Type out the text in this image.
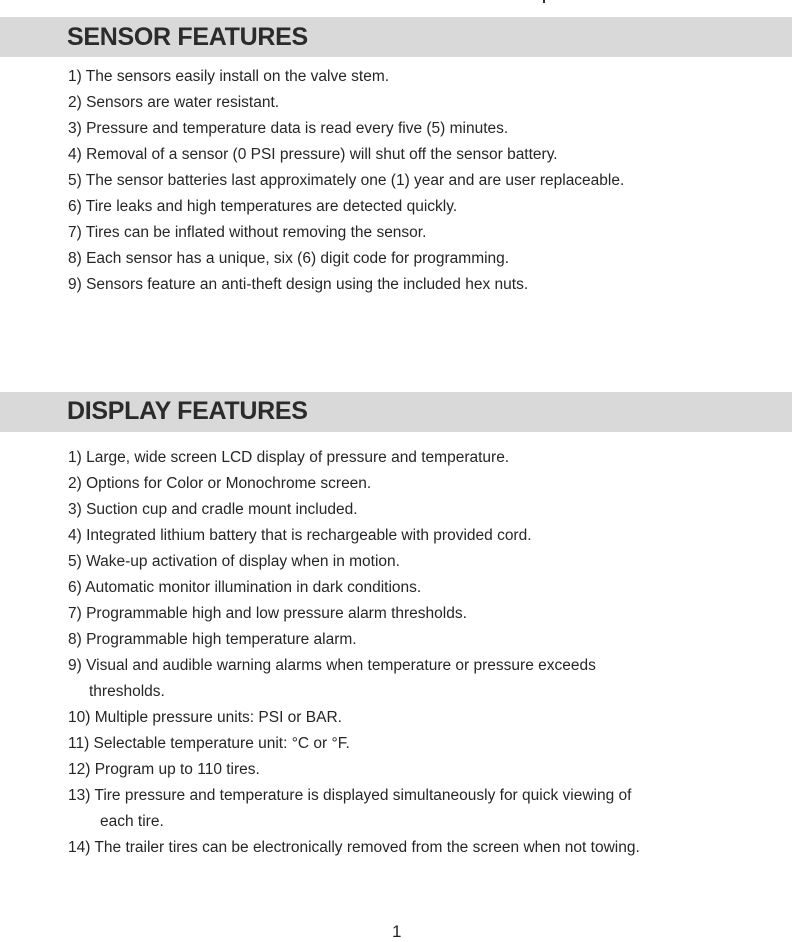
SENSOR FEATURES
1) The sensors easily install on the valve stem.
2) Sensors are water resistant.
3) Pressure and temperature data is read every five (5) minutes.
4) Removal of a sensor (0 PSI pressure) will shut off the sensor battery.
5) The sensor batteries last approximately one (1) year and are user replaceable.
6) Tire leaks and high temperatures are detected quickly.
7) Tires can be inflated without removing the sensor.
8) Each sensor has a unique, six (6) digit code for programming.
9) Sensors feature an anti-theft design using the included hex nuts.
DISPLAY FEATURES
1) Large, wide screen LCD display of pressure and temperature.
2) Options for Color or Monochrome screen.
3) Suction cup and cradle mount included.
4) Integrated lithium battery that is rechargeable with provided cord.
5) Wake-up activation of display when in motion.
6) Automatic monitor illumination in dark conditions.
7) Programmable high and low pressure alarm thresholds.
8) Programmable high temperature alarm.
9) Visual and audible warning alarms when temperature or pressure exceeds
thresholds.
10) Multiple pressure units: PSI or BAR.
11) Selectable temperature unit: °C or °F.
12) Program up to 110 tires.
13) Tire pressure and temperature is displayed simultaneously for quick viewing of
each tire.
14) The trailer tires can be electronically removed from the screen when not towing.
1
